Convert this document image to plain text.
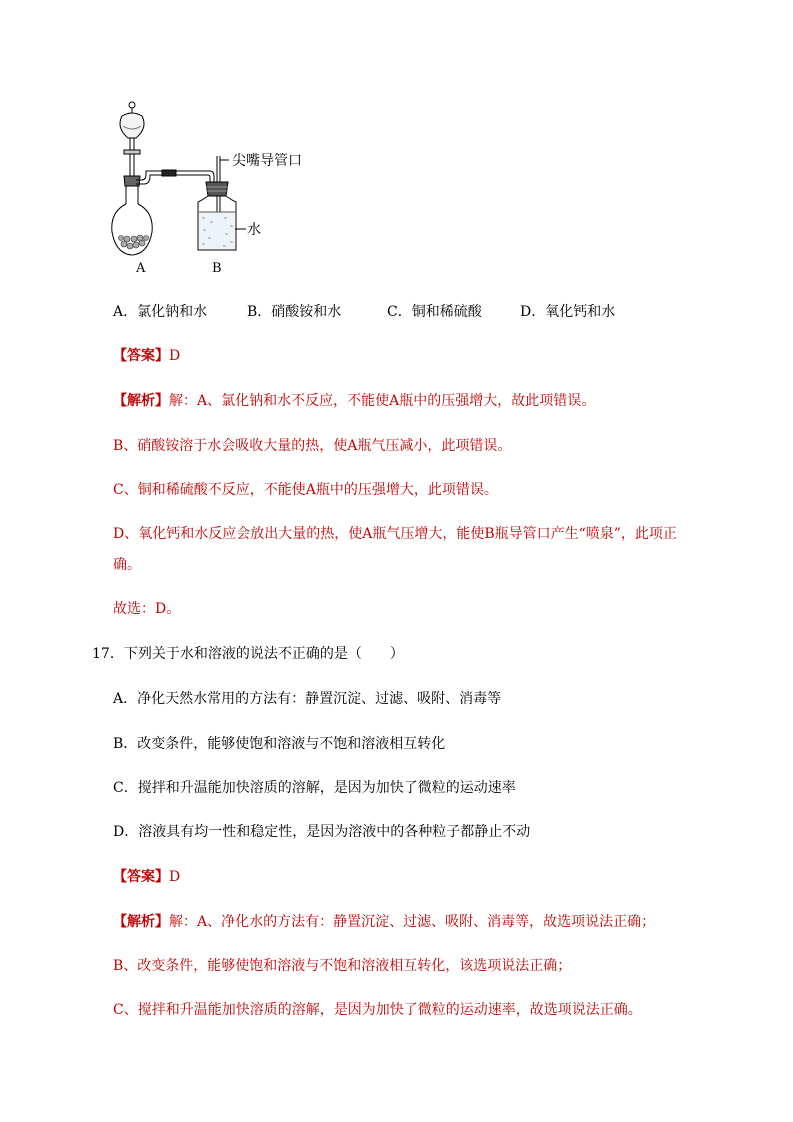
尖嘴导管口
水
A	B
A．氯化钠和水	B．硝酸铵和水	C．铜和稀硫酸	D．氧化钙和水
【答案】D
【解析】解：A、氯化钠和水不反应，不能使A瓶中的压强增大，故此项错误。
B、硝酸铵溶于水会吸收大量的热，使A瓶气压减小，此项错误。
C、铜和稀硫酸不反应，不能使A瓶中的压强增大，此项错误。
D、氧化钙和水反应会放出大量的热，使A瓶气压增大，能使B瓶导管口产生“喷泉”，此项正
确。
故选：D。
17．下列关于水和溶液的说法不正确的是（　　）
A．净化天然水常用的方法有：静置沉淀、过滤、吸附、消毒等
B．改变条件，能够使饱和溶液与不饱和溶液相互转化
C．搅拌和升温能加快溶质的溶解，是因为加快了微粒的运动速率
D．溶液具有均一性和稳定性，是因为溶液中的各种粒子都静止不动
【答案】D
【解析】解：A、净化水的方法有：静置沉淀、过滤、吸附、消毒等，故选项说法正确；
B、改变条件，能够使饱和溶液与不饱和溶液相互转化，该选项说法正确；
C、搅拌和升温能加快溶质的溶解，是因为加快了微粒的运动速率，故选项说法正确。
